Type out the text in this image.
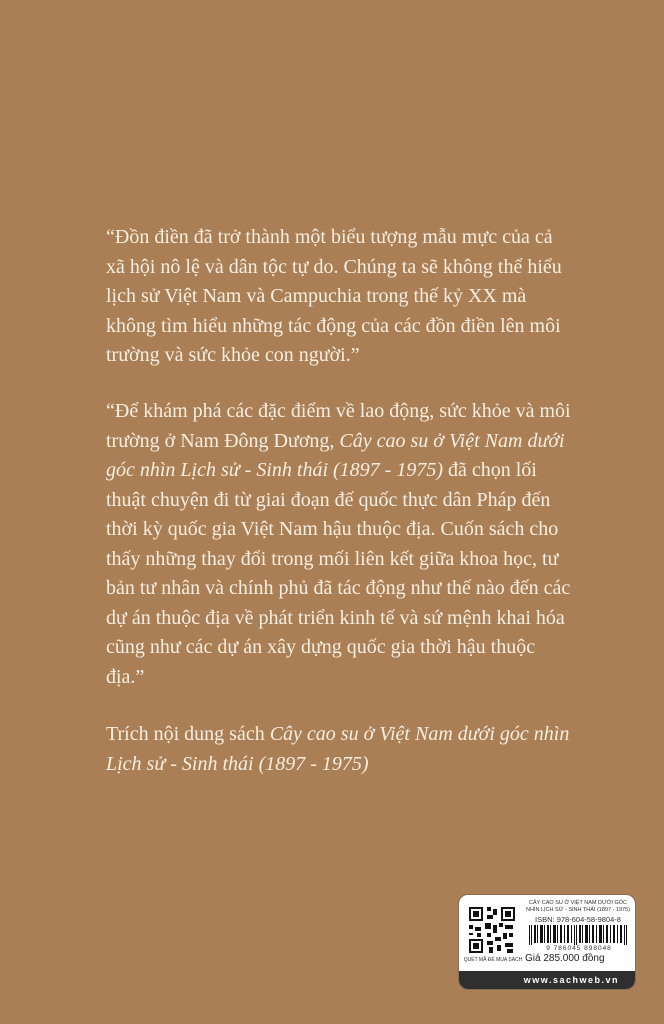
“Đồn điền đã trở thành một biểu tượng mẫu mực của cả xã hội nô lệ và dân tộc tự do. Chúng ta sẽ không thể hiểu lịch sử Việt Nam và Campuchia trong thế kỷ XX mà không tìm hiểu những tác động của các đồn điền lên môi trường và sức khỏe con người.”

“Để khám phá các đặc điểm về lao động, sức khỏe và môi trường ở Nam Đông Dương, Cây cao su ở Việt Nam dưới góc nhìn Lịch sử - Sinh thái (1897 - 1975) đã chọn lối thuật chuyện đi từ giai đoạn đế quốc thực dân Pháp đến thời kỳ quốc gia Việt Nam hậu thuộc địa. Cuốn sách cho thấy những thay đổi trong mối liên kết giữa khoa học, tư bản tư nhân và chính phủ đã tác động như thế nào đến các dự án thuộc địa về phát triển kinh tế và sứ mệnh khai hóa cũng như các dự án xây dựng quốc gia thời hậu thuộc địa.”

Trích nội dung sách Cây cao su ở Việt Nam dưới góc nhìn Lịch sử - Sinh thái (1897 - 1975)

QUÉT MÃ ĐỂ MUA SÁCH
CÂY CAO SU Ở VIỆT NAM DƯỚI GÓC NHÌN LỊCH SỬ - SINH THÁI (1897 - 1975)
ISBN: 978-604-58-9804-8
9 786045 898048
Giá 285.000 đồng
www.sachweb.vn
